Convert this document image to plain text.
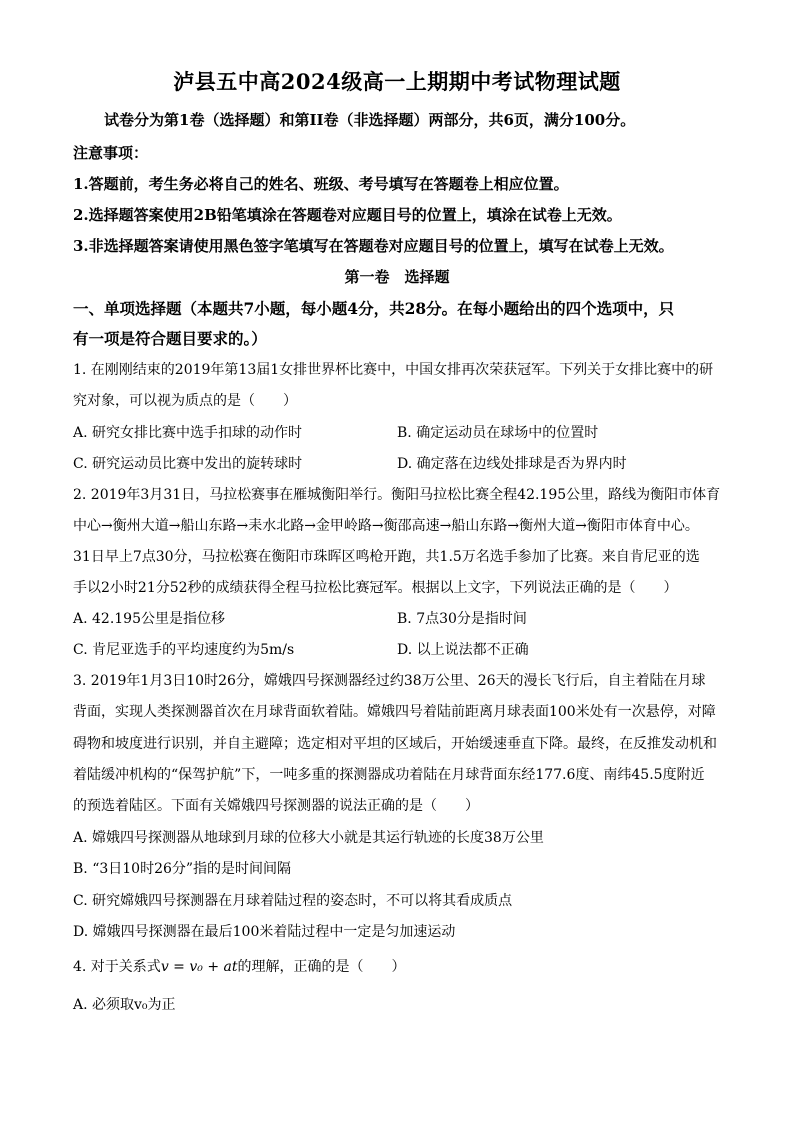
泸县五中高2024级高一上期期中考试物理试题
试卷分为第1卷（选择题）和第II卷（非选择题）两部分，共6页，满分100分。
注意事项：
1.答题前，考生务必将自己的姓名、班级、考号填写在答题卷上相应位置。
2.选择题答案使用2B铅笔填涂在答题卷对应题目号的位置上，填涂在试卷上无效。
3.非选择题答案请使用黑色签字笔填写在答题卷对应题目号的位置上，填写在试卷上无效。
第一卷　选择题
一、单项选择题（本题共7小题，每小题4分，共28分。在每小题给出的四个选项中，只
有一项是符合题目要求的。）
1. 在刚刚结束的2019年第13届1女排世界杯比赛中，中国女排再次荣获冠军。下列关于女排比赛中的研
究对象，可以视为质点的是（　　）
A. 研究女排比赛中选手扣球的动作时	B. 确定运动员在球场中的位置时
C. 研究运动员比赛中发出的旋转球时	D. 确定落在边线处排球是否为界内时
2. 2019年3月31日，马拉松赛事在雁城衡阳举行。衡阳马拉松比赛全程42.195公里，路线为衡阳市体育
中心→衡州大道→船山东路→耒水北路→金甲岭路→衡邵高速→船山东路→衡州大道→衡阳市体育中心。
31日早上7点30分，马拉松赛在衡阳市珠晖区鸣枪开跑，共1.5万名选手参加了比赛。来自肯尼亚的选
手以2小时21分52秒的成绩获得全程马拉松比赛冠军。根据以上文字，下列说法正确的是（　　）
A. 42.195公里是指位移	B. 7点30分是指时间
C. 肯尼亚选手的平均速度约为5m/s	D. 以上说法都不正确
3. 2019年1月3日10时26分，嫦娥四号探测器经过约38万公里、26天的漫长飞行后，自主着陆在月球
背面，实现人类探测器首次在月球背面软着陆。嫦娥四号着陆前距离月球表面100米处有一次悬停，对障
碍物和坡度进行识别，并自主避障；选定相对平坦的区域后，开始缓速垂直下降。最终，在反推发动机和
着陆缓冲机构的“保驾护航”下，一吨多重的探测器成功着陆在月球背面东经177.6度、南纬45.5度附近
的预选着陆区。下面有关嫦娥四号探测器的说法正确的是（　　）
A. 嫦娥四号探测器从地球到月球的位移大小就是其运行轨迹的长度38万公里
B. “3日10时26分”指的是时间间隔
C. 研究嫦娥四号探测器在月球着陆过程的姿态时，不可以将其看成质点
D. 嫦娥四号探测器在最后100米着陆过程中一定是匀加速运动
4. 对于关系式v = v₀ + at的理解，正确的是（　　）
A. 必须取v₀为正
